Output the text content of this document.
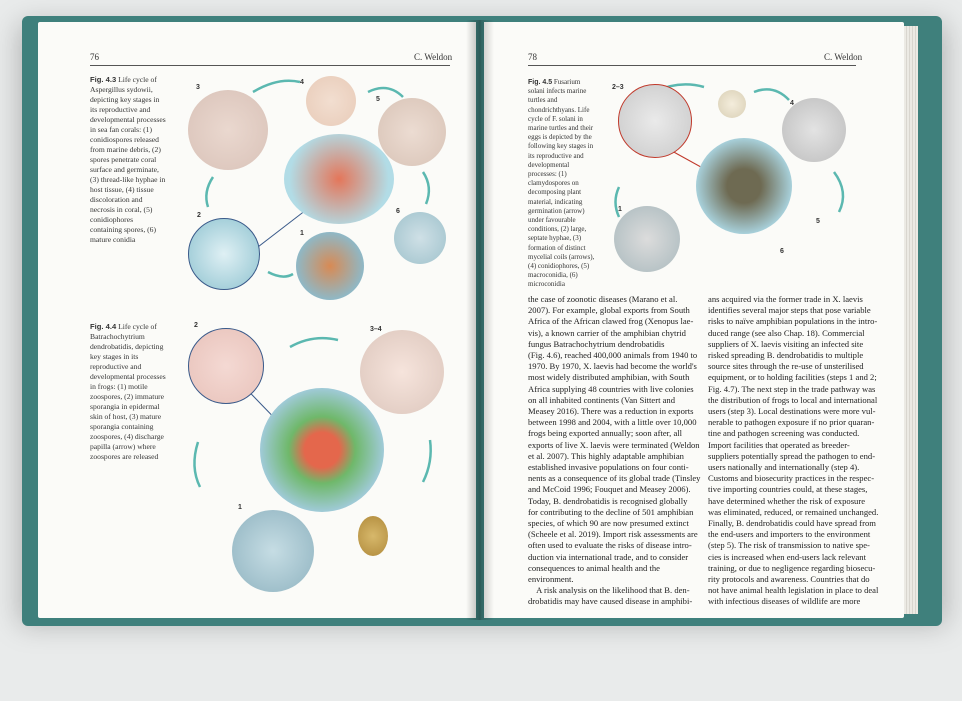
76	C. Weldon
Fig. 4.3 Life cycle of
Aspergillus sydowii,
depicting key stages in
its reproductive and
developmental processes
in sea fan corals: (1)
conidiospores released
from marine debris, (2)
spores penetrate coral
surface and germinate,
(3) thread-like hyphae in
host tissue, (4) tissue
discoloration and
necrosis in coral, (5)
conidiophores
containing spores, (6)
mature conidia
Fig. 4.4 Life cycle of
Batrachochytrium
dendrobatidis, depicting
key stages in its
reproductive and
developmental processes
in frogs: (1) motile
zoospores, (2) immature
sporangia in epidermal
skin of host, (3) mature
sporangia containing
zoospores, (4) discharge
papilla (arrow) where
zoospores are released
3
4
5
6
2
1
2
3–4
1
78	C. Weldon
Fig. 4.5 Fusarium
solani infects marine
turtles and
chondrichthyans. Life
cycle of F. solani in
marine turtles and their
eggs is depicted by the
following key stages in
its reproductive and
developmental
processes: (1)
clamydospores on
decomposing plant
material, indicating
germination (arrow)
under favourable
conditions, (2) large,
septate hyphae, (3)
formation of distinct
mycelial coils (arrows),
(4) conidiophores, (5)
macroconidia, (6)
microconidia
2–3
4
5
6
1

the case of zoonotic diseases (Marano et al.

2007). For example, global exports from South

Africa of the African clawed frog (Xenopus lae-

vis), a known carrier of the amphibian chytrid

fungus Batrachochytrium dendrobatidis

(Fig. 4.6), reached 400,000 animals from 1940 to

1970. By 1970, X. laevis had become the world's

most widely distributed amphibian, with South

Africa supplying 48 countries with live colonies

on all inhabited continents (Van Sittert and

Measey 2016). There was a reduction in exports

between 1998 and 2004, with a little over 10,000

frogs being exported annually; soon after, all

exports of live X. laevis were terminated (Weldon

et al. 2007). This highly adaptable amphibian

established invasive populations on four conti-

nents as a consequence of its global trade (Tinsley

and McCoid 1996; Fouquet and Measey 2006).

Today, B. dendrobatidis is recognised globally

for contributing to the decline of 501 amphibian

species, of which 90 are now presumed extinct

(Scheele et al. 2019). Import risk assessments are

often used to evaluate the risks of disease intro-

duction via international trade, and to consider

consequences to animal health and the

environment.

A risk analysis on the likelihood that B. den-

drobatidis may have caused disease in amphibi-

ans acquired via the former trade in X. laevis

identifies several major steps that pose variable

risks to naïve amphibian populations in the intro-

duced range (see also Chap. 18). Commercial

suppliers of X. laevis visiting an infected site

risked spreading B. dendrobatidis to multiple

source sites through the re-use of unsterilised

equipment, or to holding facilities (steps 1 and 2;

Fig. 4.7). The next step in the trade pathway was

the distribution of frogs to local and international

users (step 3). Local destinations were more vul-

nerable to pathogen exposure if no prior quaran-

tine and pathogen screening was conducted.

Import facilities that operated as breeder-

suppliers potentially spread the pathogen to end-

users nationally and internationally (step 4).

Customs and biosecurity practices in the respec-

tive importing countries could, at these stages,

have determined whether the risk of exposure

was eliminated, reduced, or remained unchanged.

Finally, B. dendrobatidis could have spread from

the end-users and importers to the environment

(step 5). The risk of transmission to native spe-

cies is increased when end-users lack relevant

training, or due to negligence regarding biosecu-

rity protocols and awareness. Countries that do

not have animal health legislation in place to deal

with infectious diseases of wildlife are more
